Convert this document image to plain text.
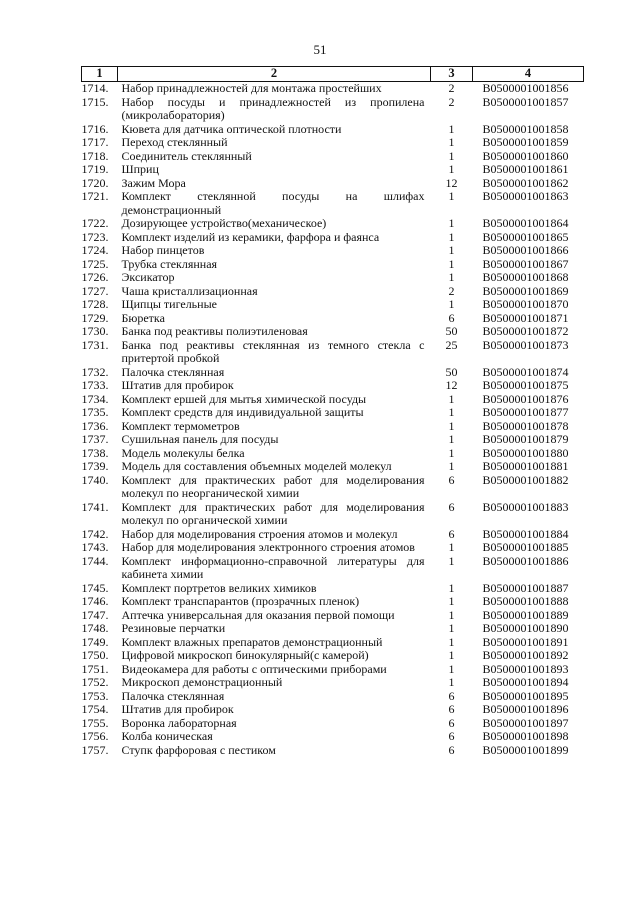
51
1	2	3	4
1714.	Набор принадлежностей для монтажа простейших	2	B0500001001856
1715.	Набор посуды и принадлежностей из пропилена (микролаборатория)	2	B0500001001857
1716.	Кювета для датчика оптической плотности	1	B0500001001858
1717.	Переход стеклянный	1	B0500001001859
1718.	Соединитель стеклянный	1	B0500001001860
1719.	Шприц	1	B0500001001861
1720.	Зажим Мора	12	B0500001001862
1721.	Комплект стеклянной посуды на шлифах демонстрационный	1	B0500001001863
1722.	Дозирующее устройство(механическое)	1	B0500001001864
1723.	Комплект изделий из керамики, фарфора и фаянса	1	B0500001001865
1724.	Набор пинцетов	1	B0500001001866
1725.	Трубка стеклянная	1	B0500001001867
1726.	Эксикатор	1	B0500001001868
1727.	Чаша кристаллизационная	2	B0500001001869
1728.	Щипцы тигельные	1	B0500001001870
1729.	Бюретка	6	B0500001001871
1730.	Банка под реактивы полиэтиленовая	50	B0500001001872
1731.	Банка под реактивы стеклянная из темного стекла с притертой пробкой	25	B0500001001873
1732.	Палочка стеклянная	50	B0500001001874
1733.	Штатив для пробирок	12	B0500001001875
1734.	Комплект ершей для мытья химической посуды	1	B0500001001876
1735.	Комплект средств для индивидуальной защиты	1	B0500001001877
1736.	Комплект термометров	1	B0500001001878
1737.	Сушильная панель для посуды	1	B0500001001879
1738.	Модель молекулы белка	1	B0500001001880
1739.	Модель для составления объемных моделей молекул	1	B0500001001881
1740.	Комплект для практических работ для моделирования молекул по неорганической химии	6	B0500001001882
1741.	Комплект для практических работ для моделирования молекул по органической химии	6	B0500001001883
1742.	Набор для моделирования строения атомов и молекул	6	B0500001001884
1743.	Набор для моделирования электронного строения атомов	1	B0500001001885
1744.	Комплект информационно-справочной литературы для кабинета химии	1	B0500001001886
1745.	Комплект портретов великих химиков	1	B0500001001887
1746.	Комплект транспарантов (прозрачных пленок)	1	B0500001001888
1747.	Аптечка универсальная для оказания первой помощи	1	B0500001001889
1748.	Резиновые перчатки	1	B0500001001890
1749.	Комплект влажных препаратов демонстрационный	1	B0500001001891
1750.	Цифровой микроскоп бинокулярный(с камерой)	1	B0500001001892
1751.	Видеокамера для работы с оптическими приборами	1	B0500001001893
1752.	Микроскоп демонстрационный	1	B0500001001894
1753.	Палочка стеклянная	6	B0500001001895
1754.	Штатив для пробирок	6	B0500001001896
1755.	Воронка лабораторная	6	B0500001001897
1756.	Колба коническая	6	B0500001001898
1757.	Ступк фарфоровая с пестиком	6	B0500001001899
